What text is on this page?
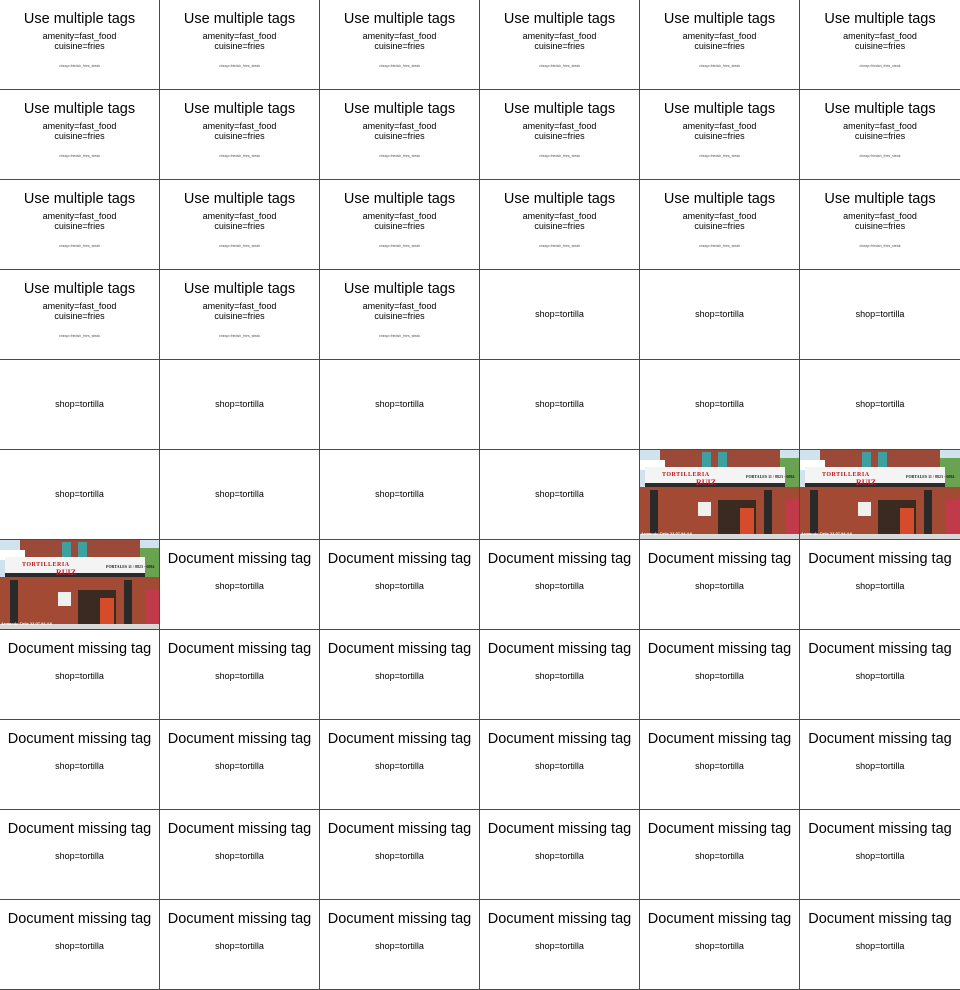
Use multiple tags
amenity=fast_food
cuisine=fries
cheap=friedsh_fries_steak
Use multiple tags
amenity=fast_food
cuisine=fries
cheap=friedsh_fries_steak
Use multiple tags
amenity=fast_food
cuisine=fries
cheap=friedsh_fries_steak
Use multiple tags
amenity=fast_food
cuisine=fries
cheap=friedsh_fries_steak
Use multiple tags
amenity=fast_food
cuisine=fries
cheap=friedsh_fries_steak
Use multiple tags
amenity=fast_food
cuisine=fries
cheap=friedsh_fries_steak
Use multiple tags
amenity=fast_food
cuisine=fries
cheap=friedsh_fries_steak
Use multiple tags
amenity=fast_food
cuisine=fries
cheap=friedsh_fries_steak
Use multiple tags
amenity=fast_food
cuisine=fries
cheap=friedsh_fries_steak
Use multiple tags
amenity=fast_food
cuisine=fries
cheap=friedsh_fries_steak
Use multiple tags
amenity=fast_food
cuisine=fries
cheap=friedsh_fries_steak
Use multiple tags
amenity=fast_food
cuisine=fries
cheap=friedsh_fries_steak
Use multiple tags
amenity=fast_food
cuisine=fries
cheap=friedsh_fries_steak
Use multiple tags
amenity=fast_food
cuisine=fries
cheap=friedsh_fries_steak
Use multiple tags
amenity=fast_food
cuisine=fries
cheap=friedsh_fries_steak
Use multiple tags
amenity=fast_food
cuisine=fries
cheap=friedsh_fries_steak
Use multiple tags
amenity=fast_food
cuisine=fries
cheap=friedsh_fries_steak
Use multiple tags
amenity=fast_food
cuisine=fries
cheap=friedsh_fries_steak
Use multiple tags
amenity=fast_food
cuisine=fries
cheap=friedsh_fries_steak
Use multiple tags
amenity=fast_food
cuisine=fries
cheap=friedsh_fries_steak
Use multiple tags
amenity=fast_food
cuisine=fries
cheap=friedsh_fries_steak
shop=tortilla	shop=tortilla	shop=tortilla
shop=tortilla	shop=tortilla	shop=tortilla	shop=tortilla	shop=tortilla	shop=tortilla
shop=tortilla	shop=tortilla	shop=tortilla	shop=tortilla
TORTILLERIA
RUIZ
PORTALES 11 / 8823 - 6084
Armando Ortiz 22.07.04.4.6
TORTILLERIA
RUIZ
PORTALES 11 / 8823 - 6084
Armando Ortiz 22.07.04.4.6
TORTILLERIA
RUIZ
PORTALES 11 / 8823 - 6084
Armando Ortiz 22.07.04.4.6
Document missing tag
shop=tortilla
Document missing tag
shop=tortilla
Document missing tag
shop=tortilla
Document missing tag
shop=tortilla
Document missing tag
shop=tortilla
Document missing tag
shop=tortilla
Document missing tag
shop=tortilla
Document missing tag
shop=tortilla
Document missing tag
shop=tortilla
Document missing tag
shop=tortilla
Document missing tag
shop=tortilla
Document missing tag
shop=tortilla
Document missing tag
shop=tortilla
Document missing tag
shop=tortilla
Document missing tag
shop=tortilla
Document missing tag
shop=tortilla
Document missing tag
shop=tortilla
Document missing tag
shop=tortilla
Document missing tag
shop=tortilla
Document missing tag
shop=tortilla
Document missing tag
shop=tortilla
Document missing tag
shop=tortilla
Document missing tag
shop=tortilla
Document missing tag
shop=tortilla
Document missing tag
shop=tortilla
Document missing tag
shop=tortilla
Document missing tag
shop=tortilla
Document missing tag
shop=tortilla
Document missing tag
shop=tortilla
